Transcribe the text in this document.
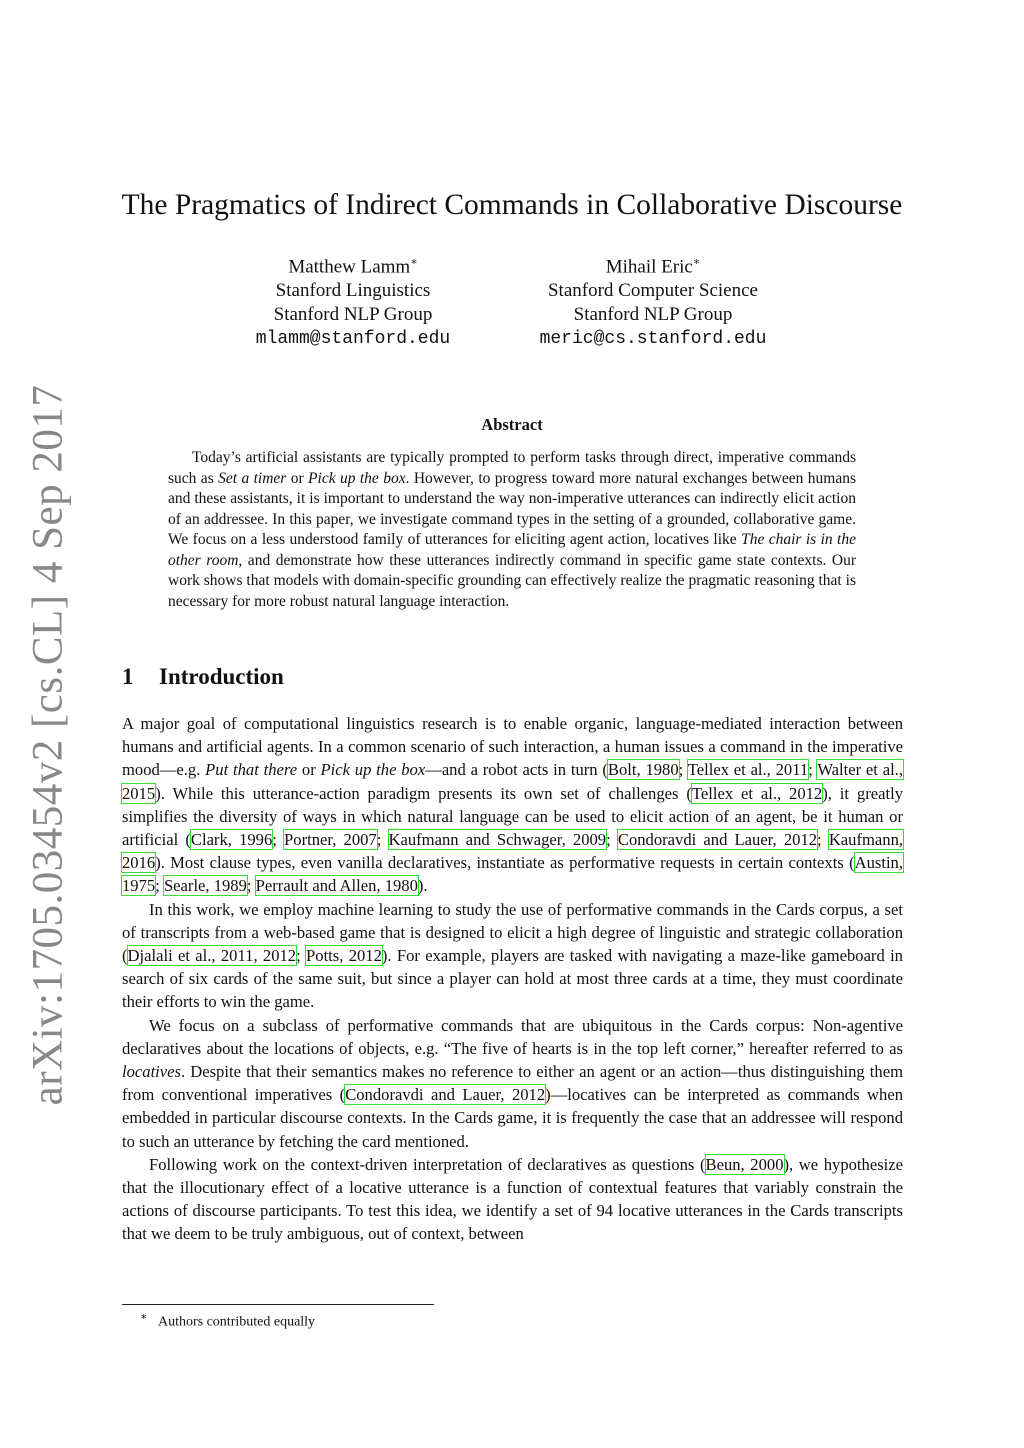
arXiv:1705.03454v2 [cs.CL] 4 Sep 2017
The Pragmatics of Indirect Commands in Collaborative Discourse
Matthew Lamm∗
Stanford Linguistics
Stanford NLP Group
mlamm@stanford.edu
Mihail Eric∗
Stanford Computer Science
Stanford NLP Group
meric@cs.stanford.edu
Abstract

Today’s artificial assistants are typically prompted to perform tasks through direct, imperative commands such as Set a timer or Pick up the box. However, to progress toward more natural exchanges between humans and these assistants, it is important to understand the way non-imperative utterances can indirectly elicit action of an addressee. In this paper, we investigate command types in the setting of a grounded, collaborative game. We focus on a less understood family of utterances for eliciting agent action, locatives like The chair is in the other room, and demonstrate how these utterances indirectly command in specific game state contexts. Our work shows that models with domain-specific grounding can effectively realize the pragmatic reasoning that is necessary for more robust natural language interaction.

1 Introduction

A major goal of computational linguistics research is to enable organic, language-mediated interaction between humans and artificial agents. In a common scenario of such interaction, a human issues a command in the imperative mood—e.g. Put that there or Pick up the box—and a robot acts in turn (Bolt, 1980; Tellex et al., 2011; Walter et al., 2015). While this utterance-action paradigm presents its own set of challenges (Tellex et al., 2012), it greatly simplifies the diversity of ways in which natural language can be used to elicit action of an agent, be it human or artificial (Clark, 1996; Portner, 2007; Kaufmann and Schwager, 2009; Condoravdi and Lauer, 2012; Kaufmann, 2016). Most clause types, even vanilla declaratives, instantiate as performative requests in certain contexts (Austin, 1975; Searle, 1989; Perrault and Allen, 1980).

In this work, we employ machine learning to study the use of performative commands in the Cards corpus, a set of transcripts from a web-based game that is designed to elicit a high degree of linguistic and strategic collaboration (Djalali et al., 2011, 2012; Potts, 2012). For example, players are tasked with navigating a maze-like gameboard in search of six cards of the same suit, but since a player can hold at most three cards at a time, they must coordinate their efforts to win the game.

We focus on a subclass of performative commands that are ubiquitous in the Cards corpus: Non-agentive declaratives about the locations of objects, e.g. “The five of hearts is in the top left corner,” hereafter referred to as locatives. Despite that their semantics makes no reference to either an agent or an action—thus distinguishing them from conventional imperatives (Condoravdi and Lauer, 2012)—locatives can be interpreted as commands when embedded in particular discourse contexts. In the Cards game, it is frequently the case that an addressee will respond to such an utterance by fetching the card mentioned.

Following work on the context-driven interpretation of declaratives as questions (Beun, 2000), we hypothesize that the illocutionary effect of a locative utterance is a function of contextual features that variably constrain the actions of discourse participants. To test this idea, we identify a set of 94 locative utterances in the Cards transcripts that we deem to be truly ambiguous, out of context, between

∗ Authors contributed equally
